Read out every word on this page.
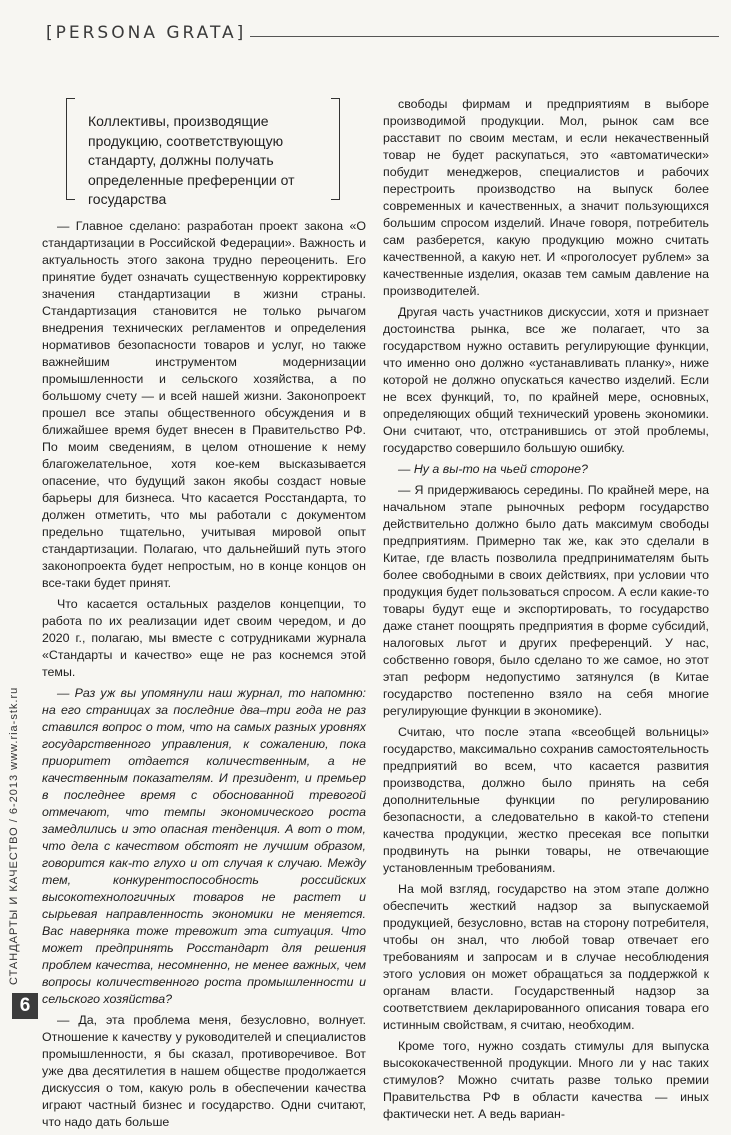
[PERSONA GRATA]
Коллективы, производящие продукцию, соответствующую стандарту, должны получать определенные преференции от государства

— Главное сделано: разработан проект закона «О стандартизации в Российской Федерации». Важность и актуальность этого закона трудно переоценить. Его принятие будет означать существенную корректировку значения стандартизации в жизни страны. Стандартизация становится не только рычагом внедрения технических регламентов и определения нормативов безопасности товаров и услуг, но также важнейшим инструментом модернизации промышленности и сельского хозяйства, а по большому счету — и всей нашей жизни. Законопроект прошел все этапы общественного обсуждения и в ближайшее время будет внесен в Правительство РФ. По моим сведениям, в целом отношение к нему благожелательное, хотя кое-кем высказывается опасение, что будущий закон якобы создаст новые барьеры для бизнеса. Что касается Росстандарта, то должен отметить, что мы работали с документом предельно тщательно, учитывая мировой опыт стандартизации. Полагаю, что дальнейший путь этого законопроекта будет непростым, но в конце концов он все-таки будет принят.

Что касается остальных разделов концепции, то работа по их реализации идет своим чередом, и до 2020 г., полагаю, мы вместе с сотрудниками журнала «Стандарты и качество» еще не раз коснемся этой темы.

— Раз уж вы упомянули наш журнал, то напомню: на его страницах за последние два–три года не раз ставился вопрос о том, что на самых разных уровнях государственного управления, к сожалению, пока приоритет отдается количественным, а не качественным показателям. И президент, и премьер в последнее время с обоснованной тревогой отмечают, что темпы экономического роста замедлились и это опасная тенденция. А вот о том, что дела с качеством обстоят не лучшим образом, говорится как-то глухо и от случая к случаю. Между тем, конкурентоспособность российских высокотехнологичных товаров не растет и сырьевая направленность экономики не меняется. Вас наверняка тоже тревожит эта ситуация. Что может предпринять Росстандарт для решения проблем качества, несомненно, не менее важных, чем вопросы количественного роста промышленности и сельского хозяйства?

— Да, эта проблема меня, безусловно, волнует. Отношение к качеству у руководителей и специалистов промышленности, я бы сказал, противоречивое. Вот уже два десятилетия в нашем обществе продолжается дискуссия о том, какую роль в обеспечении качества играют частный бизнес и государство. Одни считают, что надо дать больше

свободы фирмам и предприятиям в выборе производимой продукции. Мол, рынок сам все расставит по своим местам, и если некачественный товар не будет раскупаться, это «автоматически» побудит менеджеров, специалистов и рабочих перестроить производство на выпуск более современных и качественных, а значит пользующихся большим спросом изделий. Иначе говоря, потребитель сам разберется, какую продукцию можно считать качественной, а какую нет. И «проголосует рублем» за качественные изделия, оказав тем самым давление на производителей.

Другая часть участников дискуссии, хотя и признает достоинства рынка, все же полагает, что за государством нужно оставить регулирующие функции, что именно оно должно «устанавливать планку», ниже которой не должно опускаться качество изделий. Если не всех функций, то, по крайней мере, основных, определяющих общий технический уровень экономики. Они считают, что, отстранившись от этой проблемы, государство совершило большую ошибку.

— Ну а вы-то на чьей стороне?

— Я придерживаюсь середины. По крайней мере, на начальном этапе рыночных реформ государство действительно должно было дать максимум свободы предприятиям. Примерно так же, как это сделали в Китае, где власть позволила предпринимателям быть более свободными в своих действиях, при условии что продукция будет пользоваться спросом. А если какие-то товары будут еще и экспортировать, то государство даже станет поощрять предприятия в форме субсидий, налоговых льгот и других преференций. У нас, собственно говоря, было сделано то же самое, но этот этап реформ недопустимо затянулся (в Китае государство постепенно взяло на себя многие регулирующие функции в экономике).

Считаю, что после этапа «всеобщей вольницы» государство, максимально сохранив самостоятельность предприятий во всем, что касается развития производства, должно было принять на себя дополнительные функции по регулированию безопасности, а следовательно в какой-то степени качества продукции, жестко пресекая все попытки продвинуть на рынки товары, не отвечающие установленным требованиям.

На мой взгляд, государство на этом этапе должно обеспечить жесткий надзор за выпускаемой продукцией, безусловно, встав на сторону потребителя, чтобы он знал, что любой товар отвечает его требованиям и запросам и в случае несоблюдения этого условия он может обращаться за поддержкой к органам власти. Государственный надзор за соответствием декларированного описания товара его истинным свойствам, я считаю, необходим.

Кроме того, нужно создать стимулы для выпуска высококачественной продукции. Много ли у нас таких стимулов? Можно считать разве только премии Правительства РФ в области качества — иных фактически нет. А ведь вариан-

СТАНДАРТЫ И КАЧЕСТВО / 6-2013 www.ria-stk.ru
6
